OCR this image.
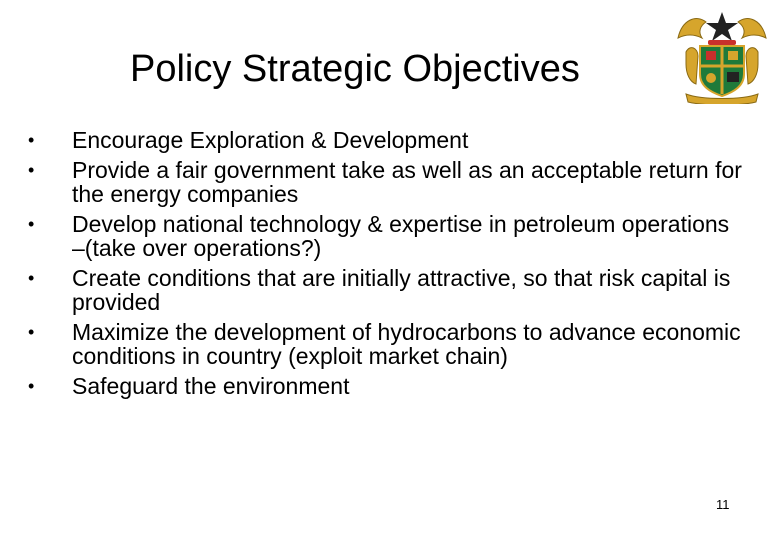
Policy Strategic Objectives
• Encourage Exploration & Development
• Provide a fair government take as well as an acceptable return for the energy companies
• Develop national technology & expertise in petroleum operations –(take over operations?)
• Create conditions that are initially attractive, so that risk capital is provided
• Maximize the development of hydrocarbons to advance economic conditions in country (exploit market chain)
• Safeguard the environment
11
